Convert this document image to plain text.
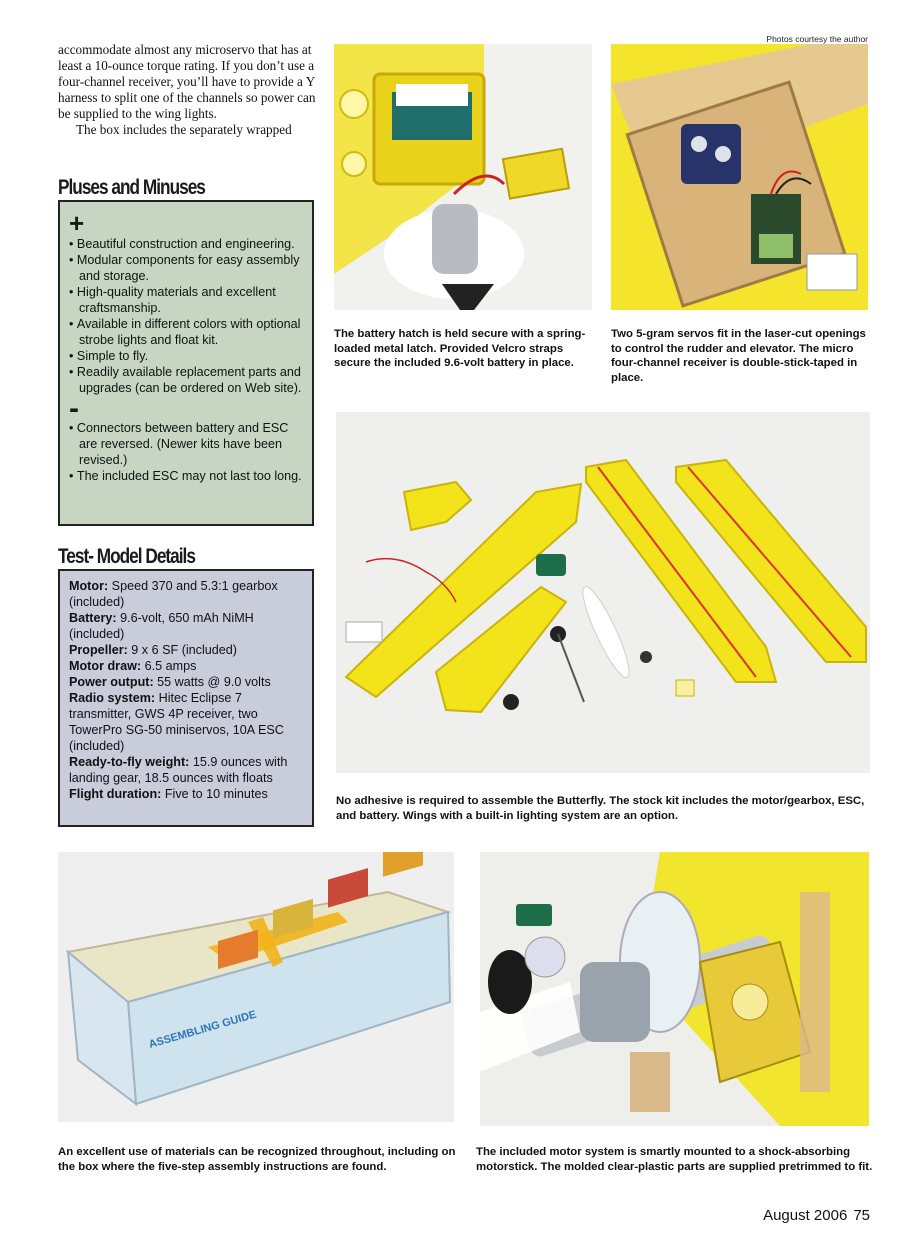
Photos courtesy the author

accommodate almost any microservo that has at least a 10-ounce torque rating. If you don’t use a four-channel receiver, you’ll have to provide a Y harness to split one of the channels so power can be supplied to the wing lights.

The box includes the separately wrapped

Pluses and Minuses
+
• Beautiful construction and engineering.
• Modular components for easy assembly and storage.
• High-quality materials and excellent craftsmanship.
• Available in different colors with optional strobe lights and float kit.
• Simple to fly.
• Readily available replacement parts and upgrades (can be ordered on Web site).
-
• Connectors between battery and ESC are reversed. (Newer kits have been revised.)
• The included ESC may not last too long.
Test- Model Details

Motor: Speed 370 and 5.3:1 gearbox (included)

Battery: 9.6-volt, 650 mAh NiMH (included)

Propeller: 9 x 6 SF (included)

Motor draw: 6.5 amps

Power output: 55 watts @ 9.0 volts

Radio system: Hitec Eclipse 7 transmitter, GWS 4P receiver, two TowerPro SG-50 miniservos, 10A ESC (included)

Ready-to-fly weight: 15.9 ounces with landing gear, 18.5 ounces with floats

Flight duration: Five to 10 minutes

The battery hatch is held secure with a spring-loaded metal latch. Provided Velcro straps secure the included 9.6-volt battery in place.
Two 5-gram servos fit in the laser-cut openings to control the rudder and elevator. The micro four-channel receiver is double-stick-taped in place.
No adhesive is required to assemble the Butterfly. The stock kit includes the motor/gearbox, ESC, and battery. Wings with a built-in lighting system are an option.
ASSEMBLING GUIDE
An excellent use of materials can be recognized throughout, including on the box where the five-step assembly instructions are found.
The included motor system is smartly mounted to a shock-absorbing motorstick. The molded clear-plastic parts are supplied pretrimmed to fit.
August 2006 75
